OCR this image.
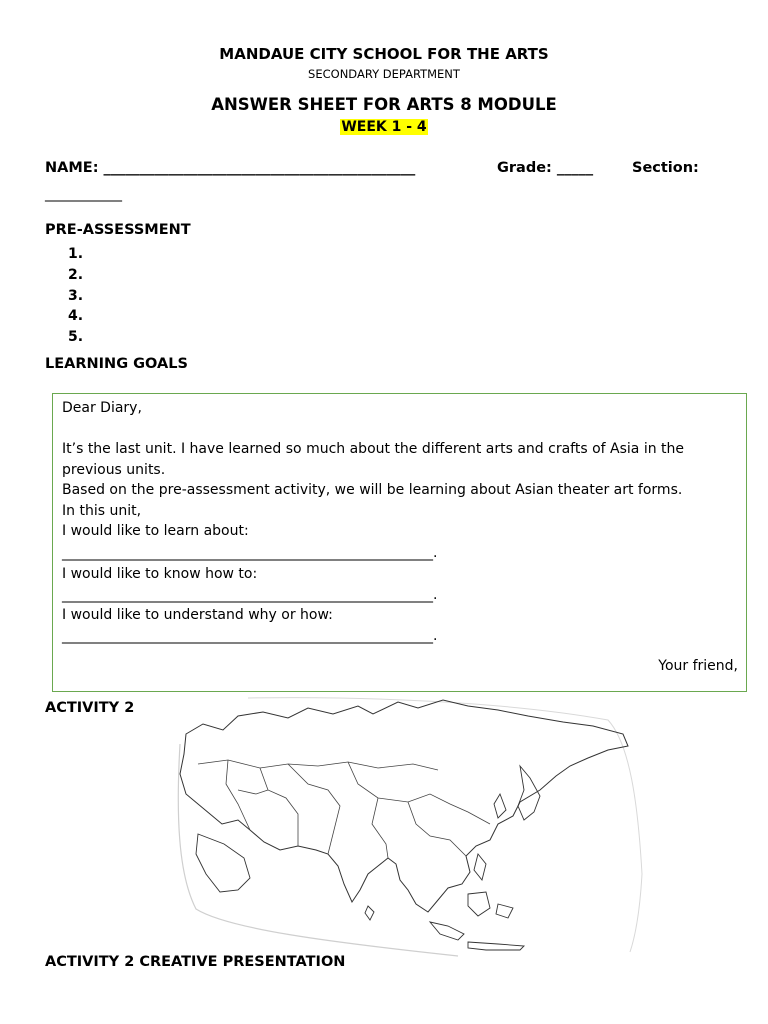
MANDAUE CITY SCHOOL FOR THE ARTS
SECONDARY DEPARTMENT
ANSWER SHEET FOR ARTS 8 MODULE
WEEK 1 - 4
NAME: ___________________________________________	Grade: _____	Section:
___________
PRE-ASSESSMENT
1.
2.
3.
4.
5.
LEARNING GOALS

Dear Diary,

It’s the last unit. I have learned so much about the different arts and crafts of Asia in the

previous units.

Based on the pre-assessment activity, we will be learning about Asian theater art forms.

In this unit,

I would like to learn about:

_____________________________________________________.

I would like to know how to:

_____________________________________________________.

I would like to understand why or how:

_____________________________________________________.

Your friend,

ACTIVITY 2
ACTIVITY 2 CREATIVE PRESENTATION
